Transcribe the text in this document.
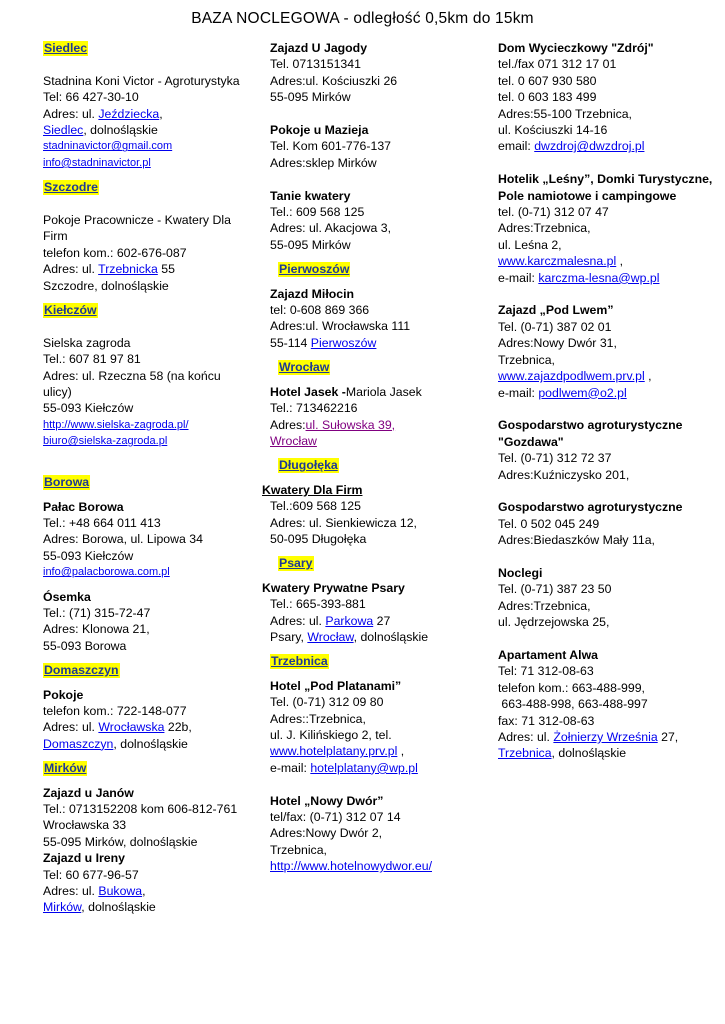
BAZA NOCLEGOWA - odległość 0,5km do 15km
Siedlec
Stadnina Koni Victor - Agroturystyka
Tel: 66 427-30-10
Adres: ul. Jeździecka,
Siedlec, dolnośląskie
stadninavictor@gmail.com
info@stadninavictor.pl
Szczodre
Pokoje Pracownicze - Kwatery Dla Firm
telefon kom.: 602-676-087
Adres: ul. Trzebnicka 55
Szczodre, dolnośląskie
Kiełczów
Sielska zagroda
Tel.: 607 81 97 81
Adres: ul. Rzeczna 58 (na końcu ulicy)
55-093 Kiełczów
http://www.sielska-zagroda.pl/
biuro@sielska-zagroda.pl
Borowa
Pałac Borowa
Tel.: +48 664 011 413
Adres: Borowa, ul. Lipowa 34
55-093 Kiełczów
info@palacborowa.com.pl
Ósemka
Tel.: (71) 315-72-47
Adres: Klonowa 21,
55-093 Borowa
Domaszczyn
Pokoje
telefon kom.: 722-148-077
Adres: ul. Wrocławska 22b,
Domaszczyn, dolnośląskie
Mirków
Zajazd u Janów
Tel.: 0713152208 kom 606-812-761
Wrocławska 33
55-095 Mirków, dolnośląskie
Zajazd u Ireny
Tel: 60 677-96-57
Adres: ul. Bukowa,
Mirków, dolnośląskie
Zajazd U Jagody
Tel. 0713151341
Adres:ul. Kościuszki 26
55-095 Mirków
Pokoje u Mazieja
Tel. Kom 601-776-137
Adres:sklep Mirków
Tanie kwatery
Tel.: 609 568 125
Adres: ul. Akacjowa 3,
55-095 Mirków
Pierwoszów
Zajazd Miłocin
tel: 0-608 869 366
Adres:ul. Wrocławska 111
55-114 Pierwoszów
Wrocław
Hotel Jasek -Mariola Jasek
Tel.: 713462216
Adres:ul. Sułowska 39,
Wrocław
Długołęka
Kwatery Dla Firm
Tel.:609 568 125
Adres: ul. Sienkiewicza 12,
50-095 Długołęka
Psary
Kwatery Prywatne Psary
Tel.: 665-393-881
Adres: ul. Parkowa 27
Psary, Wrocław, dolnośląskie
Trzebnica
Hotel „Pod Platanami”
Tel. (0-71) 312 09 80
Adres::Trzebnica,
ul. J. Kilińskiego 2, tel.
www.hotelplatany.prv.pl ,
e-mail: hotelplatany@wp.pl
Hotel „Nowy Dwór”
tel/fax: (0-71) 312 07 14
Adres:Nowy Dwór 2,
Trzebnica,
http://www.hotelnowydwor.eu/
Dom Wycieczkowy "Zdrój"
tel./fax 071 312 17 01
tel. 0 607 930 580
tel. 0 603 183 499
Adres:55-100 Trzebnica,
ul. Kościuszki 14-16
email: dwzdroj@dwzdroj.pl
Hotelik „Leśny”, Domki Turystyczne,
Pole namiotowe i campingowe
tel. (0-71) 312 07 47
Adres:Trzebnica,
ul. Leśna 2,
www.karczmalesna.pl ,
e-mail: karczma-lesna@wp.pl
Zajazd „Pod Lwem”
Tel. (0-71) 387 02 01
Adres:Nowy Dwór 31,
Trzebnica,
www.zajazdpodlwem.prv.pl ,
e-mail: podlwem@o2.pl
Gospodarstwo agroturystyczne
"Gozdawa"
Tel. (0-71) 312 72 37
Adres:Kuźniczysko 201,
Gospodarstwo agroturystyczne
Tel. 0 502 045 249
Adres:Biedaszków Mały 11a,
Noclegi
Tel. (0-71) 387 23 50
Adres:Trzebnica,
ul. Jędrzejowska 25,
Apartament Alwa
Tel: 71 312-08-63
telefon kom.: 663-488-999,
663-488-998, 663-488-997
fax: 71 312-08-63
Adres: ul. Żołnierzy Września 27,
Trzebnica, dolnośląskie
